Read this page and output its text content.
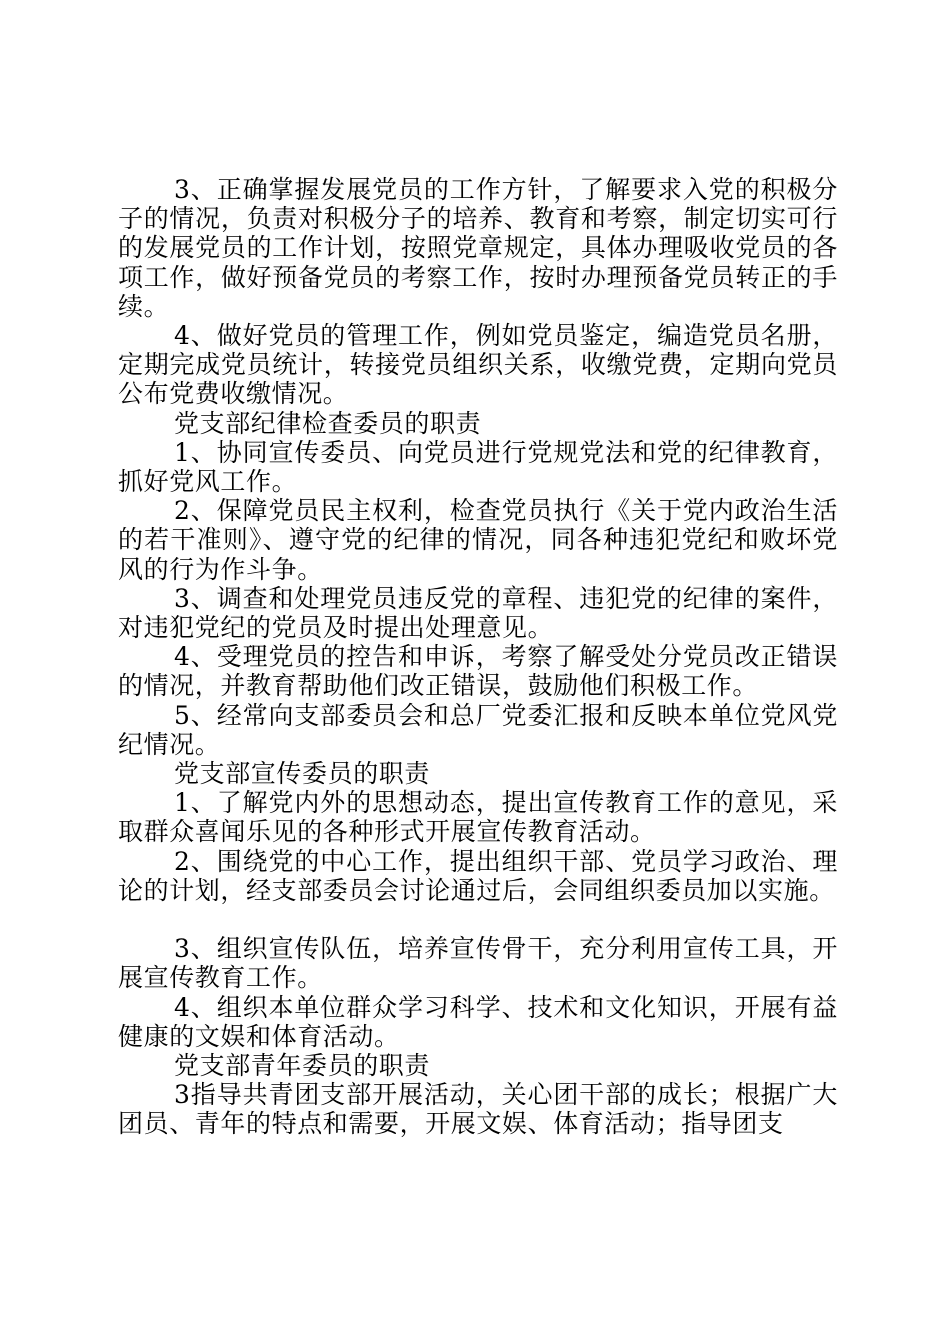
3、正确掌握发展党员的工作方针，了解要求入党的积极分子的情况，负责对积极分子的培养、教育和考察，制定切实可行的发展党员的工作计划，按照党章规定，具体办理吸收党员的各项工作，做好预备党员的考察工作，按时办理预备党员转正的手续。

4、做好党员的管理工作，例如党员鉴定，编造党员名册，定期完成党员统计，转接党员组织关系，收缴党费，定期向党员公布党费收缴情况。

党支部纪律检查委员的职责

1、协同宣传委员、向党员进行党规党法和党的纪律教育，抓好党风工作。

2、保障党员民主权利，检查党员执行《关于党内政治生活的若干准则》、遵守党的纪律的情况，同各种违犯党纪和败坏党风的行为作斗争。

3、调查和处理党员违反党的章程、违犯党的纪律的案件，对违犯党纪的党员及时提出处理意见。

4、受理党员的控告和申诉，考察了解受处分党员改正错误的情况，并教育帮助他们改正错误，鼓励他们积极工作。

5、经常向支部委员会和总厂党委汇报和反映本单位党风党纪情况。

党支部宣传委员的职责

1、了解党内外的思想动态，提出宣传教育工作的意见，采取群众喜闻乐见的各种形式开展宣传教育活动。

2、围绕党的中心工作，提出组织干部、党员学习政治、理论的计划，经支部委员会讨论通过后，会同组织委员加以实施。

3、组织宣传队伍，培养宣传骨干，充分利用宣传工具，开展宣传教育工作。

4、组织本单位群众学习科学、技术和文化知识，开展有益健康的文娱和体育活动。

党支部青年委员的职责

3指导共青团支部开展活动，关心团干部的成长；根据广大团员、青年的特点和需要，开展文娱、体育活动；指导团支
